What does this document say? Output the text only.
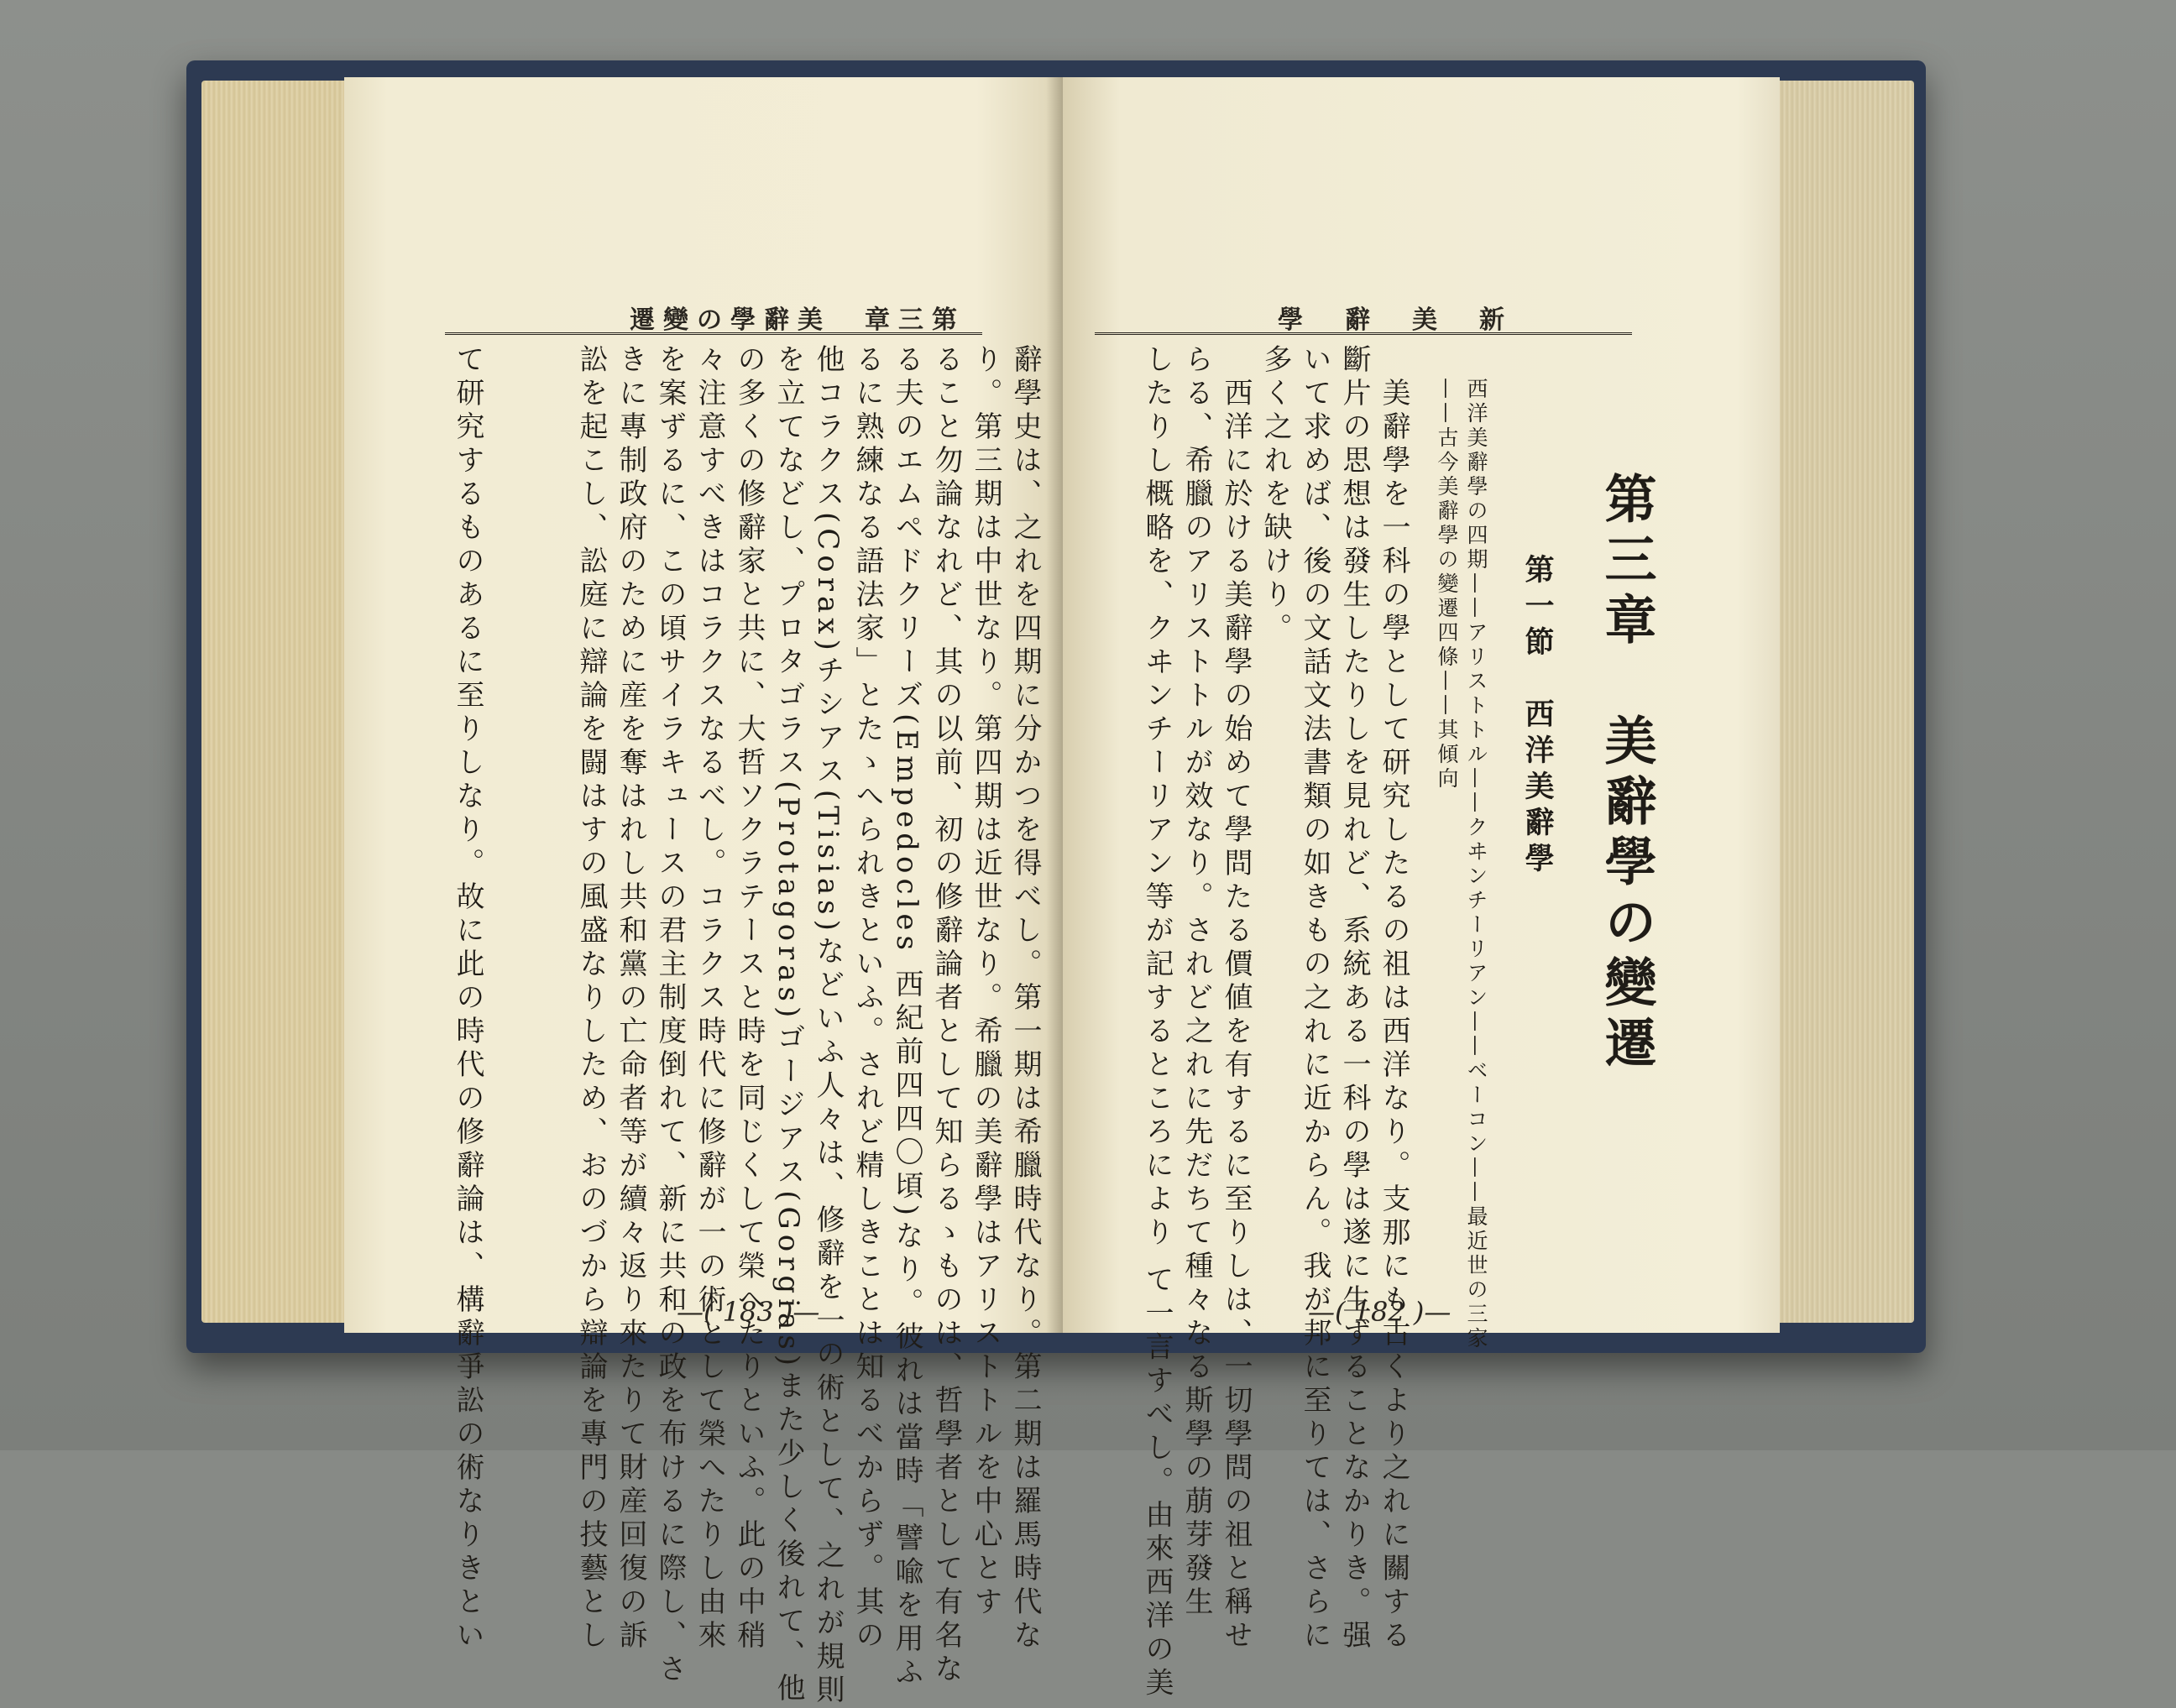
遷變の學辭美　章三第
辭學史は、之れを四期に分かつを得べし。第一期は希臘時代なり。第二期は羅馬時代な
り。第三期は中世なり。第四期は近世なり。希臘の美辭學はアリストトルを中心とす
ること勿論なれど、其の以前、初の修辭論者として知らるゝものは、哲學者として有名な
る夫のエムペドクリーズ(Empedocles 西紀前四四〇頃)なり。彼れは當時「譬喩を用ふ
るに熟練なる語法家」とたゝへられきといふ。されど精しきことは知るべからず。其の
他コラクス(Corax)チシアス(Tisias)などいふ人々は、修辭を一の術として、之れが規則
を立てなどし、プロタゴラス(Protagoras)ゴージアス(Gorgias)また少しく後れて、他
の多くの修辭家と共に、大哲ソクラテースと時を同じくして榮へたりといふ。此の中稍
々注意すべきはコラクスなるべし。コラクス時代に修辭が一の術として榮へたりし由來
を案ずるに、この頃サイラキュースの君主制度倒れて、新に共和の政を布けるに際し、さ
きに專制政府のために産を奪はれし共和黨の亡命者等が續々返り來たりて財産回復の訴
訟を起こし、訟庭に辯論を闘はすの風盛なりしため、おのづから辯論を專門の技藝とし
て研究するものあるに至りしなり。故に此の時代の修辭論は、構辭爭訟の術なりきとい	—( 183 )—
學　辭　美　新
第三章　美辭學の變遷
第一節　西洋美辭學
西洋美辭學の四期——アリストトル——クヰンチーリアン——ベーコン——最近世の三家
——古今美辭學の變遷四條——其傾向
美辭學を一科の學として研究したるの祖は西洋なり。支那にも古くより之れに關する
斷片の思想は發生したりしを見れど、系統ある一科の學は遂に生ずることなかりき。强
いて求めば、後の文話文法書類の如きもの之れに近からん。我が邦に至りては、さらに
多く之れを缺けり。
西洋に於ける美辭學の始めて學問たる價値を有するに至りしは、一切學問の祖と稱せ
らる、希臘のアリストトルが效なり。されど之れに先だちて種々なる斯學の萠芽發生
したりし概略を、クヰンチーリアン等が記するところにより て一言すべし。由來西洋の美	—( 182 )—
